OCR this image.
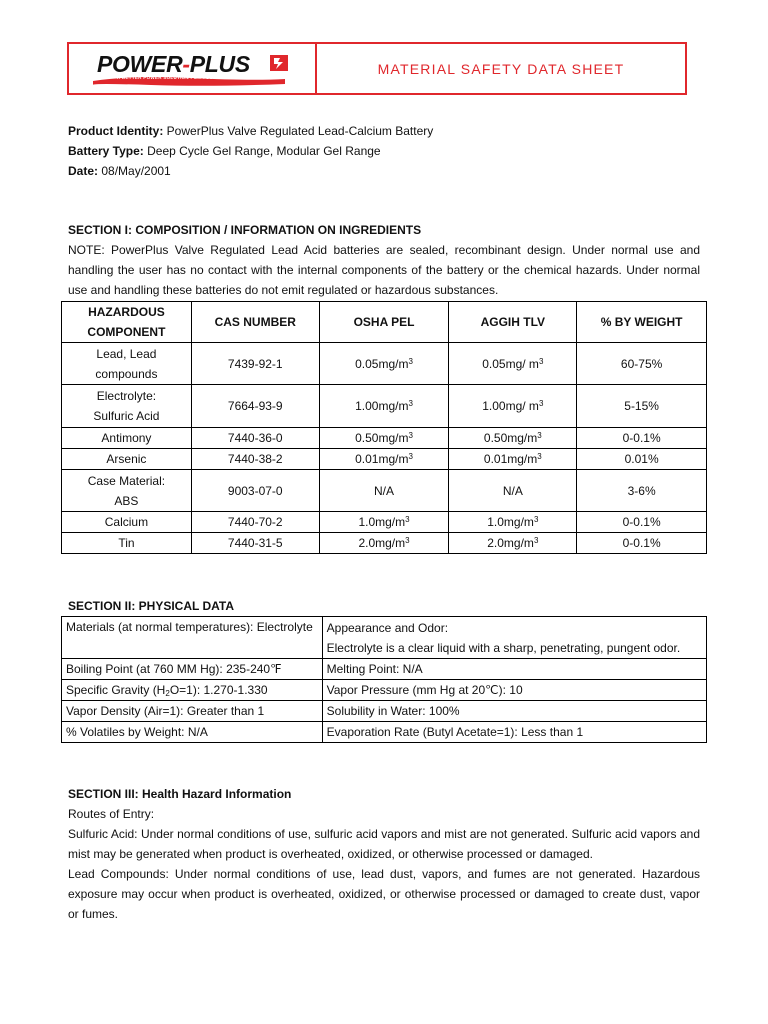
POWER-PLUS
A BETTER POWER SOLUTION FOR YOUR APPLICATIONS
MATERIAL SAFETY DATA SHEET
Product Identity: PowerPlus Valve Regulated Lead-Calcium Battery
Battery Type: Deep Cycle Gel Range, Modular Gel Range
Date: 08/May/2001
SECTION I: COMPOSITION / INFORMATION ON INGREDIENTS
NOTE: PowerPlus Valve Regulated Lead Acid batteries are sealed, recombinant design. Under normal use and handling the user has no contact with the internal components of the battery or the chemical hazards. Under normal use and handling these batteries do not emit regulated or hazardous substances.
HAZARDOUS
COMPONENT	CAS NUMBER	OSHA PEL	AGGIH TLV	% BY WEIGHT
Lead, Lead
compounds	7439-92-1	$0.05mg/m^3$	0.05mg/ $m^3$	60-75%
Electrolyte:
Sulfuric Acid	7664-93-9	$1.00mg/m^3$	1.00mg/ $m^3$	5-15%
Antimony	7440-36-0	$0.50mg/m^3$	$0.50mg/m^3$	0-0.1%
Arsenic	7440-38-2	$0.01mg/m^3$	$0.01mg/m^3$	0.01%
Case Material:
ABS	9003-07-0	N/A	N/A	3-6%
Calcium	7440-70-2	$1.0mg/m^3$	$1.0mg/m^3$	0-0.1%
Tin	7440-31-5	$2.0mg/m^3$	$2.0mg/m^3$	0-0.1%
SECTION II: PHYSICAL DATA
Materials (at normal temperatures): Electrolyte	Appearance and Odor:
Electrolyte is a clear liquid with a sharp, penetrating, pungent odor.
Boiling Point (at 760 MM Hg): 235-240℉	Melting Point: N/A
Specific Gravity $(H_2O=1)$: 1.270-1.330	Vapor Pressure (mm Hg at 20℃): 10
Vapor Density (Air=1): Greater than 1	Solubility in Water: 100%
% Volatiles by Weight: N/A	Evaporation Rate (Butyl Acetate=1): Less than 1
SECTION III: Health Hazard Information
Routes of Entry:
Sulfuric Acid: Under normal conditions of use, sulfuric acid vapors and mist are not generated. Sulfuric acid vapors and mist may be generated when product is overheated, oxidized, or otherwise processed or damaged.
Lead Compounds: Under normal conditions of use, lead dust, vapors, and fumes are not generated. Hazardous exposure may occur when product is overheated, oxidized, or otherwise processed or damaged to create dust, vapor or fumes.
